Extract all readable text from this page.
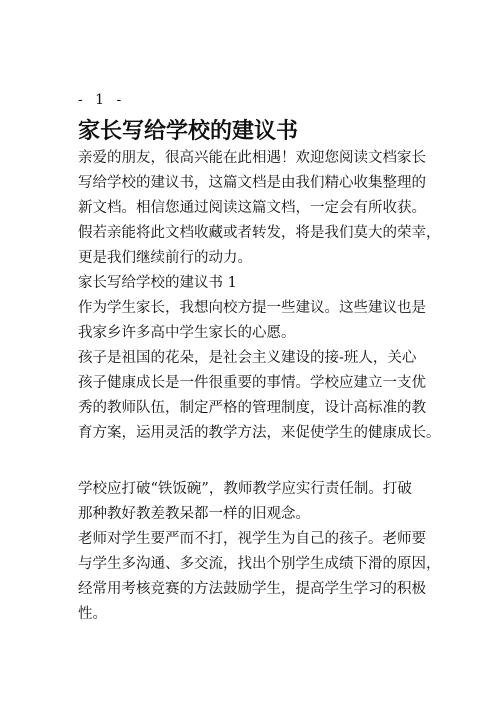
- 1 -
家长写给学校的建议书

亲爱的朋友，很高兴能在此相遇！欢迎您阅读文档家长

写给学校的建议书，这篇文档是由我们精心收集整理的

新文档。相信您通过阅读这篇文档，一定会有所收获。

假若亲能将此文档收藏或者转发，将是我们莫大的荣幸，

更是我们继续前行的动力。

家长写给学校的建议书 1

作为学生家长，我想向校方提一些建议。这些建议也是

我家乡许多高中学生家长的心愿。

孩子是祖国的花朵，是社会主义建设的接-班人，关心

孩子健康成长是一件很重要的事情。学校应建立一支优

秀的教师队伍，制定严格的管理制度，设计高标准的教

育方案，运用灵活的教学方法，来促使学生的健康成长。

学校应打破“铁饭碗”，教师教学应实行责任制。打破

那种教好教差教呆都一样的旧观念。

老师对学生要严而不打，视学生为自己的孩子。老师要

与学生多沟通、多交流，找出个别学生成绩下滑的原因，

经常用考核竞赛的方法鼓励学生，提高学生学习的积极

性。
